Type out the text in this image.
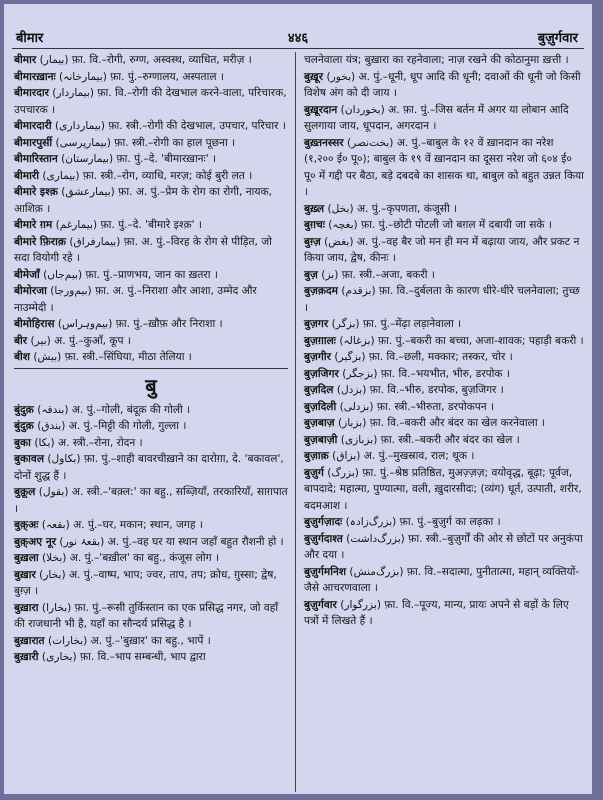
बीमार	४४६	बुज़ुर्गवार

बीमार (بیمار) फ़ा. वि.–रोगी, रुग्ण, अस्वस्थ, व्याधित, मरीज़ ।

बीमारख़ानः (بیمارخانہ) फ़ा. पुं.–रुग्णालय, अस्पताल ।

बीमारदार (بیماردار) फ़ा. वि.–रोगी की देखभाल करने-वाला, परिचारक, उपचारक ।

बीमारदारी (بیمارداری) फ़ा. स्त्री.–रोगी की देखभाल, उपचार, परिचार ।

बीमारपुर्सी (بیمارپرسی) फ़ा. स्त्री.–रोगी का हाल पूछना ।

बीमारिस्तान (بیمارستان) फ़ा. पुं.–दे. 'बीमारख़ानः' ।

बीमारी (بیماری) फ़ा. स्त्री.–रोग, व्याधि, मरज़; कोई बुरी लत ।

बीमारे इश्क़ (بیمارعشق) फ़ा. अ. पुं.–प्रेम के रोग का रोगी, नायक, आशिक़ ।

बीमारे ग़म (بیمارغم) फ़ा. पुं.–दे. 'बीमारे इश्क़' ।

बीमारे फ़िराक़ (بیمارفراق) फ़ा. अ. पुं.–विरह के रोग से पीड़ित, जो सदा वियोगी रहे ।

बीमेजाँ (بیم‌جاں) फ़ा. पुं.–प्राणभय, जान का ख़तरा ।

बीमोरजा (بیم‌ورجا) फ़ा. अ. पुं.–निराशा और आशा, उम्मेद और नाउम्मेदी ।

बीमोहिरास (بیم‌وہراس) फ़ा. पुं.–ख़ौफ़ और निराशा ।

बीर (بیر) अ. पुं.–कुआँ, कूप ।

बीश (بیش) फ़ा. स्त्री.–सिंघिया, मीठा तेलिया ।

बु

बुंदुक़ (بندقہ) अ. पुं.–गोली, बंदूक़ की गोली ।

बुंदुक़ (بندق) अ. पुं.–मिट्टी की गोली, गुल्ला ।

बुका (بکا) अ. स्त्री.–रोना, रोदन ।

बुकावल (بکاول) फ़ा. पुं.–शाही बावरचीख़ाने का दारोग़ा, दे. 'बकावल', दोनों शुद्ध हैं ।

बुक़ूल (بقول) अ. स्त्री.–'बक़्ल:' का बहु., सब्ज़ियाँ, तरकारियाँ, साग़पात ।

बुक़्अः (بقعہ) अ. पुं.–घर, मकान; स्थान, जगह ।

बुक़्अए नूर (بقعۂ نور) अ. पुं.–वह घर या स्थान जहाँ बहुत रौशनी हो ।

बुख़ला (بخلا) अ. पुं.–'बख़ील' का बहु., कंजूस लोग ।

बुख़ार (بخار) अ. पुं.–वाष्प, भाप; ज्वर, ताप, तप; क्रोध, ग़ुस्सा; द्वेष, बुग़्ज़ ।

बुख़ारा (بخارا) फ़ा. पुं.–रूसी तुर्किस्तान का एक प्रसिद्ध नगर, जो वहाँ की राजधानी भी है, यहाँ का सौन्दर्य प्रसिद्ध है ।

बुख़ारात (بخارات) अ. पुं.–'बुख़ार' का बहु., भापें ।

बुख़ारी (بخاری) फ़ा. वि.–भाप सम्बन्धी, भाप द्वारा

चलनेवाला यंत्र; बुख़ारा का रहनेवाला; नाज़ रखने की कोठानुमा ख़त्ती ।

बुख़ूर (بخور) अ. पुं.–धूनी, धूप आदि की धूनी; दवाओं की धूनी जो किसी विशेष अंग को दी जाय ।

बुख़ूरदान (بخوردان) अ. फ़ा. पुं.–जिस बर्तन में अगर या लोबान आदि सुलगाया जाय, धूपदान, अगरदान ।

बुख़्तनस्सर (بخت‌نصر) अ. पुं.–बाबुल के १२ वें ख़ानदान का नरेश (१,२०० ई० पू०); बाबुल के १९ वें ख़ानदान का दूसरा नरेश जो ६०४ ई० पू० में गद्दी पर बैठा, बड़े दबदबे का शासक था, बाबुल को बहुत उन्नत किया ।

बुख़्ल (بخل) अ. पुं.–कृपणता, कंजूसी ।

बुग़चः (بغچہ) फ़ा. पुं.–छोटी पोटली जो बग़ल में दबायी जा सके ।

बुग़्ज़ (بغض) अ. पुं.–वह बैर जो मन ही मन में बढ़ाया जाय, और प्रकट न किया जाय, द्वेष, कीनः ।

बुज़ (بز) फ़ा. स्त्री.–अजा, बकरी ।

बुज़क़दम (بزقدم) फ़ा. वि.–दुर्बलता के कारण धीरे-धीरे चलनेवाला; तुच्छ ।

बुज़गर (بزگر) फ़ा. पुं.–मेंढ़ा लड़ानेवाला ।

बुज़ग़ालः (بزغالہ) फ़ा. पुं.–बकरी का बच्चा, अजा-शावक; पहाड़ी बकरी ।

बुज़गीर (بزگیر) फ़ा. वि.–छली, मक्कार; तस्कर, चोर ।

बुज़जिगर (بزجگر) फ़ा. वि.–भयभीत, भीरु, डरपोक ।

बुज़दिल (بزدل) फ़ा. वि.–भीरु, डरपोक, बुज़जिगर ।

बुज़दिली (بزدلی) फ़ा. स्त्री.–भीरुता, डरपोकपन ।

बुज़बाज़ (بزباز) फ़ा. वि.–बकरी और बंदर का खेल करनेवाला ।

बुज़बाज़ी (بزبازی) फ़ा. स्त्री.–बकरी और बंदर का खेल ।

बुज़ाक़ (بزاق) अ. पुं.–मुखस्राव, राल; थूक ।

बुज़ुर्ग (بزرگ) फ़ा. पुं.–श्रेष्ठ प्रतिष्ठित, मुअज़्ज़ज़; वयोवृद्ध, बूढ़ा; पूर्वज, बापदादे; महात्मा, पुण्यात्मा, वली, ख़ुदारसीदः; (व्यंग) धूर्त, उत्पाती, शरीर, बदमआश ।

बुज़ुर्गज़ादः (بزرگ‌زادہ) फ़ा. पुं.–बुज़ुर्ग का लड़का ।

बुज़ुर्गदाश्त (بزرگ‌داشت) फ़ा. स्त्री.–बुज़ुर्गों की ओर से छोटों पर अनुकंपा और दया ।

बुज़ुर्गमनिश (بزرگ‌منش) फ़ा. वि.–सदात्मा, पुनीतात्मा, महान् व्यक्तियों-जैसे आचरणवाला ।

बुज़ुर्गवार (بزرگوار) फ़ा. वि.–पूज्य, मान्य, प्रायः अपने से बड़ों के लिए पत्रों में लिखते हैं ।
